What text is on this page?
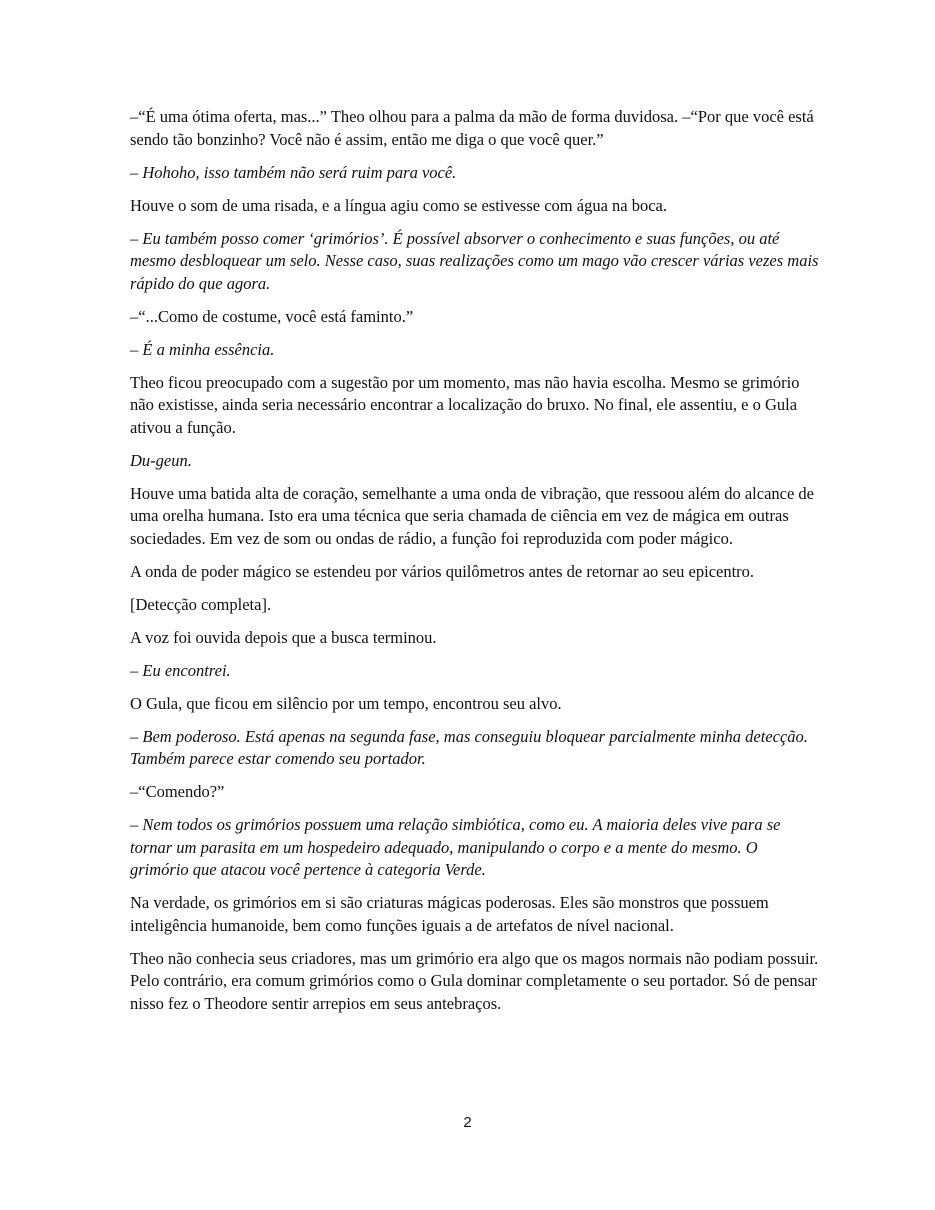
–“É uma ótima oferta, mas...” Theo olhou para a palma da mão de forma duvidosa. –“Por que você está sendo tão bonzinho? Você não é assim, então me diga o que você quer.”

– Hohoho, isso também não será ruim para você.

Houve o som de uma risada, e a língua agiu como se estivesse com água na boca.

– Eu também posso comer ‘grimórios’. É possível absorver o conhecimento e suas funções, ou até mesmo desbloquear um selo. Nesse caso, suas realizações como um mago vão crescer várias vezes mais rápido do que agora.

–“...Como de costume, você está faminto.”

– É a minha essência.

Theo ficou preocupado com a sugestão por um momento, mas não havia escolha. Mesmo se grimório não existisse, ainda seria necessário encontrar a localização do bruxo. No final, ele assentiu, e o Gula ativou a função.

Du-geun.

Houve uma batida alta de coração, semelhante a uma onda de vibração, que ressoou além do alcance de uma orelha humana. Isto era uma técnica que seria chamada de ciência em vez de mágica em outras sociedades. Em vez de som ou ondas de rádio, a função foi reproduzida com poder mágico.

A onda de poder mágico se estendeu por vários quilômetros antes de retornar ao seu epicentro.

[Detecção completa].

A voz foi ouvida depois que a busca terminou.

– Eu encontrei.

O Gula, que ficou em silêncio por um tempo, encontrou seu alvo.

– Bem poderoso. Está apenas na segunda fase, mas conseguiu bloquear parcialmente minha detecção. Também parece estar comendo seu portador.

–“Comendo?”

– Nem todos os grimórios possuem uma relação simbiótica, como eu. A maioria deles vive para se tornar um parasita em um hospedeiro adequado, manipulando o corpo e a mente do mesmo. O grimório que atacou você pertence à categoria Verde.

Na verdade, os grimórios em si são criaturas mágicas poderosas. Eles são monstros que possuem inteligência humanoide, bem como funções iguais a de artefatos de nível nacional.

Theo não conhecia seus criadores, mas um grimório era algo que os magos normais não podiam possuir. Pelo contrário, era comum grimórios como o Gula dominar completamente o seu portador. Só de pensar nisso fez o Theodore sentir arrepios em seus antebraços.

2
